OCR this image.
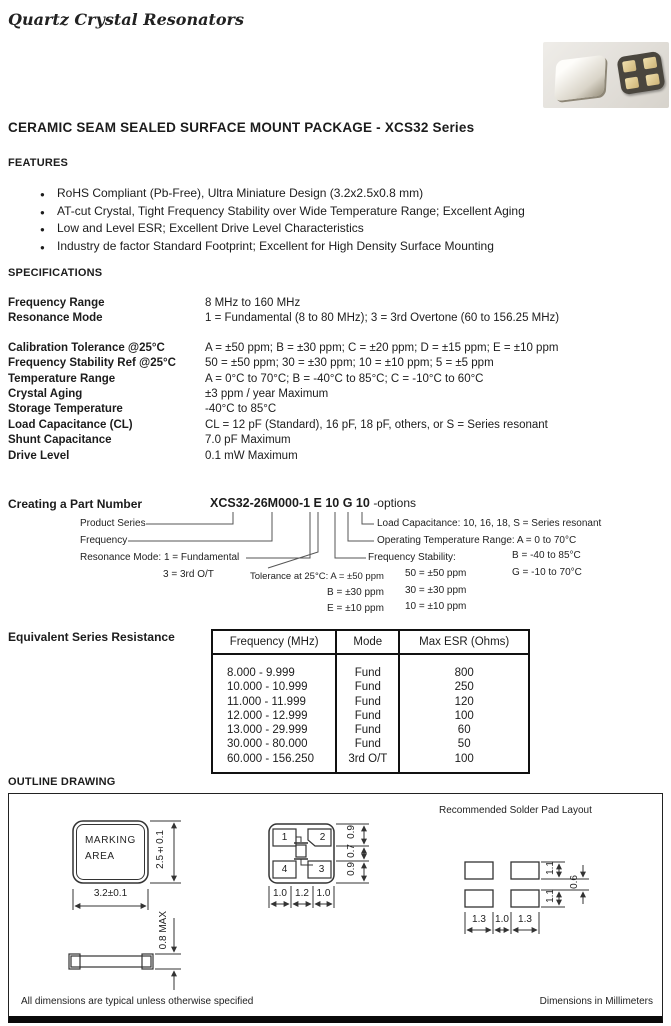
Quartz Crystal Resonators
CERAMIC SEAM SEALED SURFACE MOUNT PACKAGE - XCS32 Series
FEATURES
● RoHS Compliant (Pb-Free), Ultra Miniature Design (3.2x2.5x0.8 mm)
● AT-cut Crystal, Tight Frequency Stability over Wide Temperature Range; Excellent Aging
● Low and Level ESR; Excellent Drive Level Characteristics
● Industry de factor Standard Footprint; Excellent for High Density Surface Mounting
SPECIFICATIONS
Frequency Range	8 MHz to 160 MHz
Resonance Mode	1 = Fundamental (8 to 80 MHz); 3 = 3rd Overtone (60 to 156.25 MHz)
Calibration Tolerance @25°C	A = ±50 ppm; B = ±30 ppm; C = ±20 ppm; D = ±15 ppm; E = ±10 ppm
Frequency Stability Ref @25°C	50 = ±50 ppm; 30 = ±30 ppm; 10 = ±10 ppm; 5 = ±5 ppm
Temperature Range	A = 0°C to 70°C; B = -40°C to 85°C; C = -10°C to 60°C
Crystal Aging	±3 ppm / year Maximum
Storage Temperature	-40°C to 85°C
Load Capacitance (CL)	CL = 12 pF (Standard), 16 pF, 18 pF, others, or S = Series resonant
Shunt Capacitance	7.0 pF Maximum
Drive Level	0.1 mW Maximum
Creating a Part Number	XCS32-26M000-1 E 10 G 10 -options
Product Series
Frequency
Resonance Mode: 1 = Fundamental
3 = 3rd O/T	Tolerance at 25°C: A = ±50 ppm
B = ±30 ppm
E = ±10 ppm
Frequency Stability:
50 = ±50 ppm
30 = ±30 ppm
10 = ±10 ppm
Load Capacitance: 10, 16, 18, S = Series resonant
Operating Temperature Range: A = 0 to 70°C
B = -40 to 85°C
G = -10 to 70°C
Equivalent Series Resistance	Frequency (MHz)	Mode	Max ESR (Ohms)
8.000 - 9.999	Fund	800
10.000 - 10.999	Fund	250
11.000 - 11.999	Fund	120
12.000 - 12.999	Fund	100
13.000 - 29.999	Fund	60
30.000 - 80.000	Fund	50
60.000 - 156.250	3rd O/T	100
OUTLINE DRAWING
MARKING
AREA	2.5±0.1
3.2±0.1
0.8 MAX
1	2
4	3
0.9
0.7
0.9
1.0 1.2 1.0
Recommended Solder Pad Layout
1.1
0.6
1.1
1.3 1.0 1.3
All dimensions are typical unless otherwise specified	Dimensions in Millimeters
